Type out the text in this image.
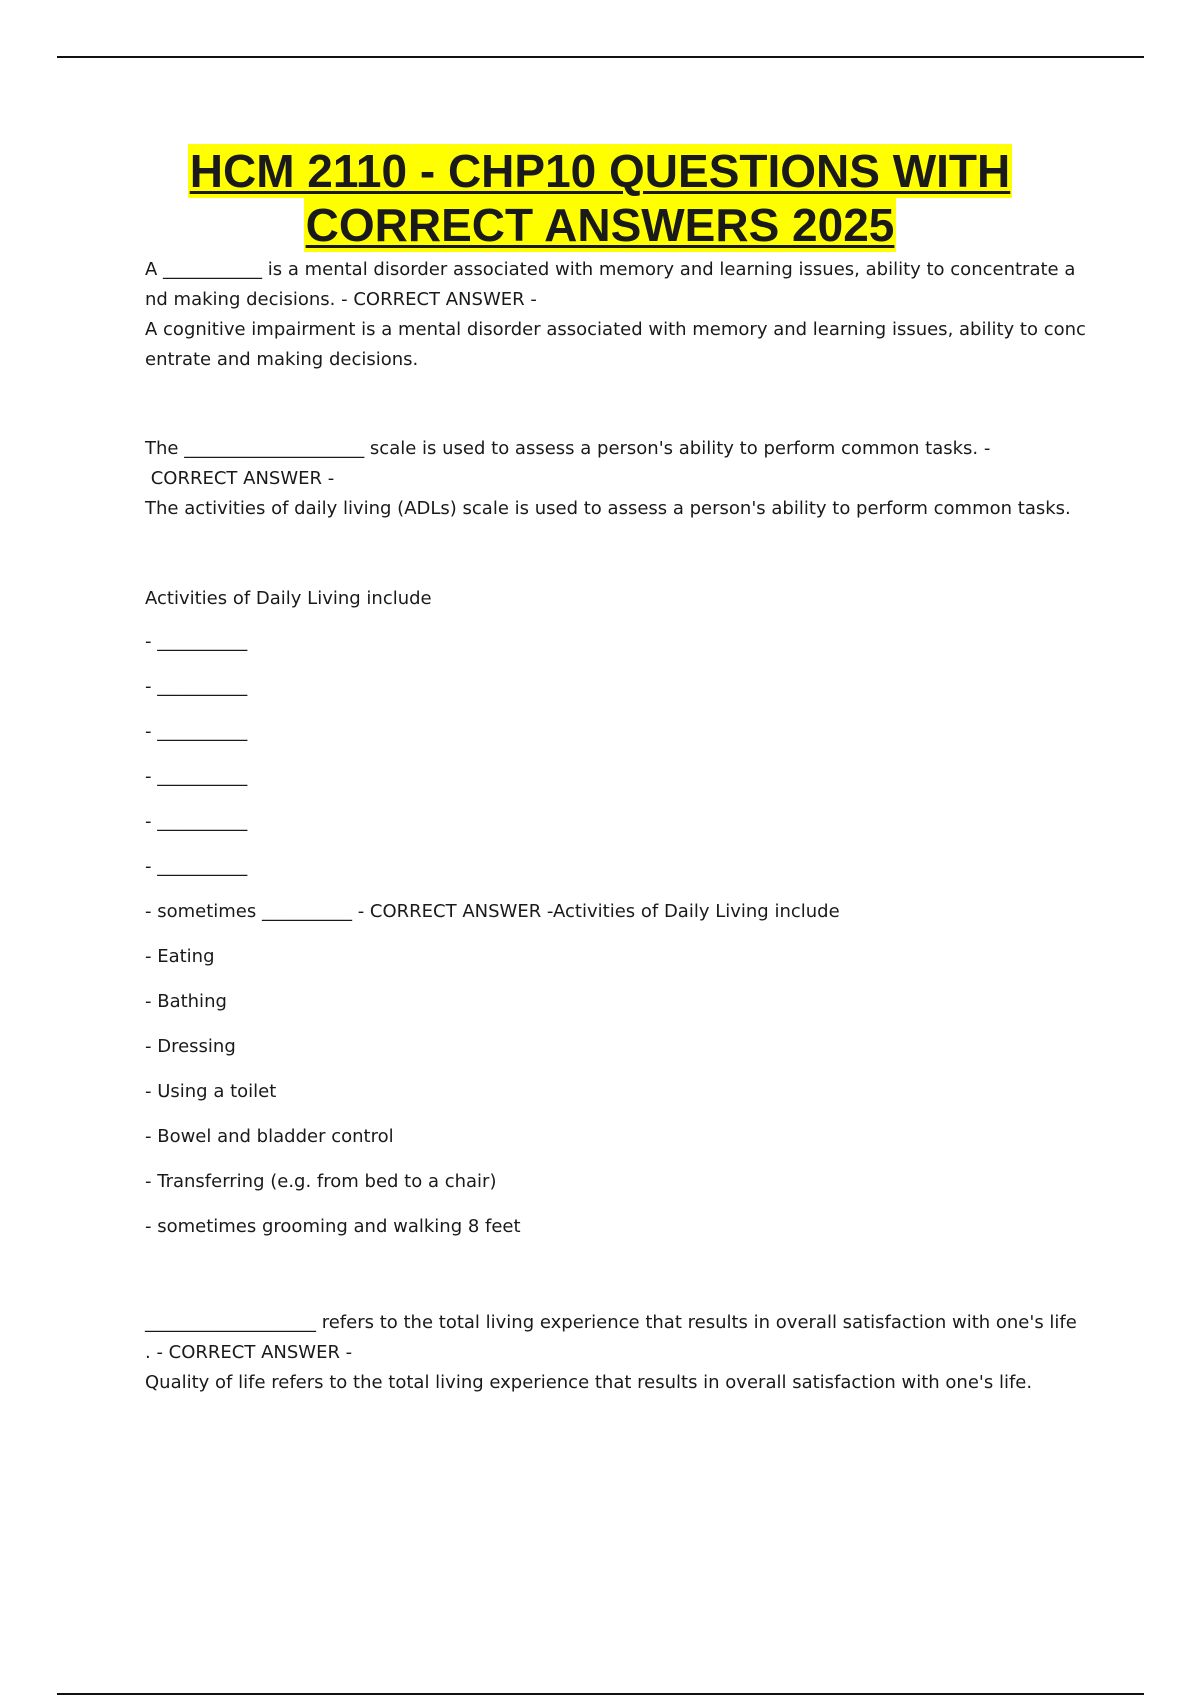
HCM 2110 - CHP10 QUESTIONS WITH
CORRECT ANSWERS 2025

A ___________ is a mental disorder associated with memory and learning issues, ability to concentrate a nd making decisions. - CORRECT ANSWER -

A cognitive impairment is a mental disorder associated with memory and learning issues, ability to conc entrate and making decisions.

The ____________________ scale is used to assess a person's ability to perform common tasks. -

CORRECT ANSWER -

The activities of daily living (ADLs) scale is used to assess a person's ability to perform common tasks.

Activities of Daily Living include

- __________

- __________

- __________

- __________

- __________

- __________

- sometimes __________ - CORRECT ANSWER -Activities of Daily Living include

- Eating

- Bathing

- Dressing

- Using a toilet

- Bowel and bladder control

- Transferring (e.g. from bed to a chair)

- sometimes grooming and walking 8 feet

___________________ refers to the total living experience that results in overall satisfaction with one's life

. - CORRECT ANSWER -

Quality of life refers to the total living experience that results in overall satisfaction with one's life.
